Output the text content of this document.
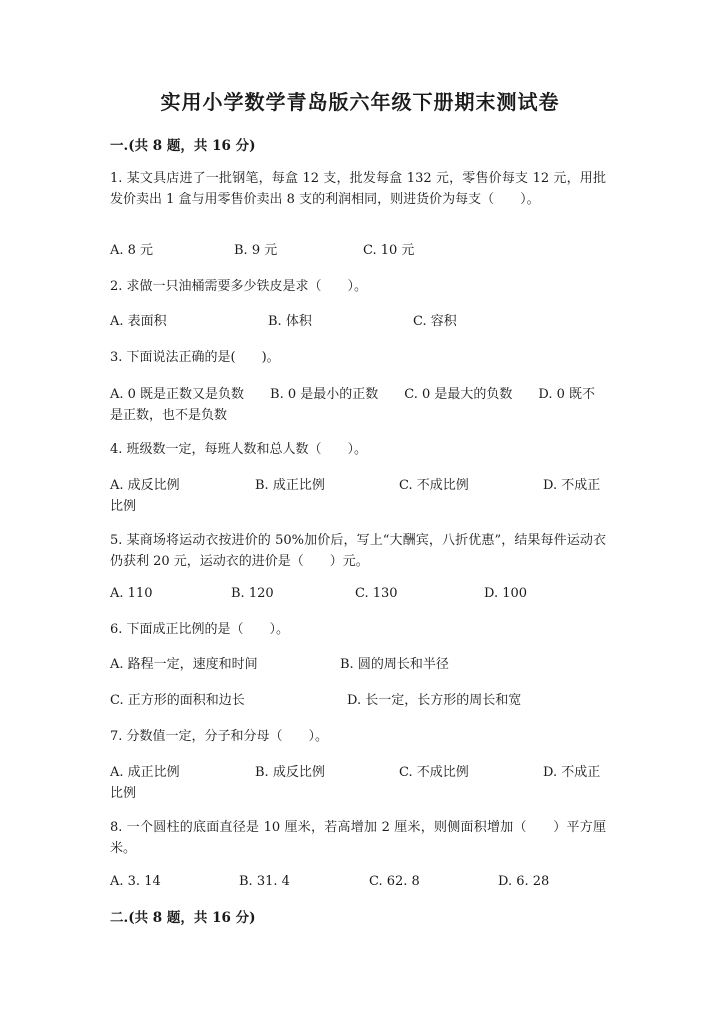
实用小学数学青岛版六年级下册期末测试卷
一.(共 8 题，共 16 分)
1. 某文具店进了一批钢笔，每盒 12 支，批发每盒 132 元，零售价每支 12 元，用批发价卖出 1 盒与用零售价卖出 8 支的利润相同，则进货价为每支（　　）。
A. 8 元	B. 9 元	C. 10 元
2. 求做一只油桶需要多少铁皮是求（　　）。
A. 表面积	B. 体积	C. 容积
3. 下面说法正确的是(　　)。
A. 0 既是正数又是负数　　B. 0 是最小的正数　　C. 0 是最大的负数　　D. 0 既不是正数，也不是负数
4. 班级数一定，每班人数和总人数（　　）。
A. 成反比例	B. 成正比例	C. 不成比例	D. 不成正
比例
5. 某商场将运动衣按进价的 50%加价后，写上“大酬宾，八折优惠”，结果每件运动衣仍获利 20 元，运动衣的进价是（　　）元。
A. 110	B. 120	C. 130	D. 100
6. 下面成正比例的是（　　）。
A. 路程一定，速度和时间	B. 圆的周长和半径
C. 正方形的面积和边长	D. 长一定，长方形的周长和宽
7. 分数值一定，分子和分母（　　）。
A. 成正比例	B. 成反比例	C. 不成比例	D. 不成正
比例
8. 一个圆柱的底面直径是 10 厘米，若高增加 2 厘米，则侧面积增加（　　）平方厘米。
A. 3. 14	B. 31. 4	C. 62. 8	D. 6. 28
二.(共 8 题，共 16 分)
